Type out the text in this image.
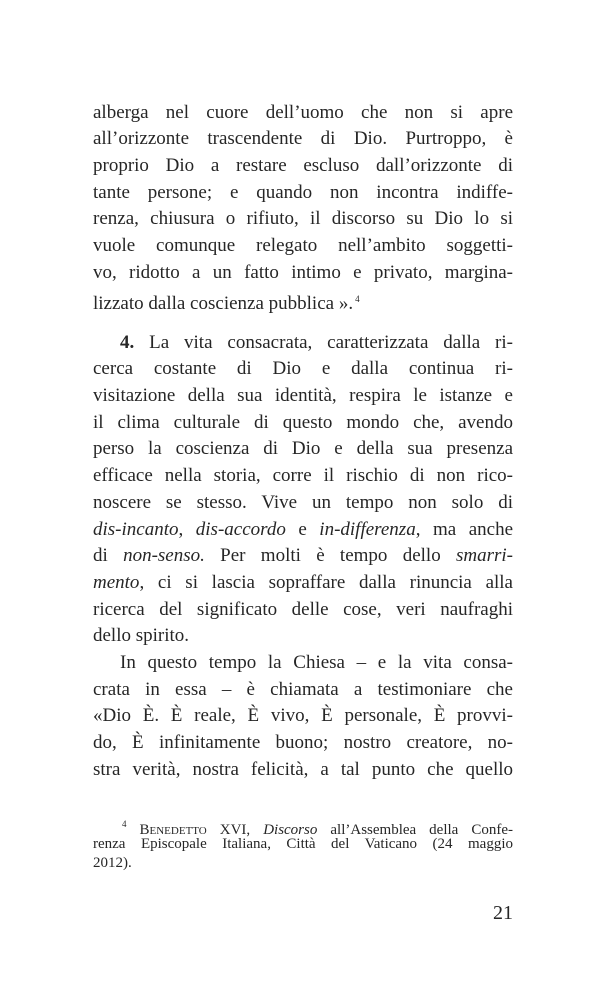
alberga nel cuore dell’uomo che non si apre
all’orizzonte trascendente di Dio. Purtroppo, è
proprio Dio a restare escluso dall’orizzonte di
tante persone; e quando non incontra indiffe-
renza, chiusura o rifiuto, il discorso su Dio lo si
vuole comunque relegato nell’ambito soggetti-
vo, ridotto a un fatto intimo e privato, margina-
lizzato dalla coscienza pubblica ». $^4$
4. La vita consacrata, caratterizzata dalla ri-
cerca costante di Dio e dalla continua ri-
visitazione della sua identità, respira le istanze e
il clima culturale di questo mondo che, avendo
perso la coscienza di Dio e della sua presenza
efficace nella storia, corre il rischio di non rico-
noscere se stesso. Vive un tempo non solo di
dis-incanto, dis-accordo e in-differenza, ma anche
di non-senso. Per molti è tempo dello smarri-
mento, ci si lascia sopraffare dalla rinuncia alla
ricerca del significato delle cose, veri naufraghi
dello spirito.
In questo tempo la Chiesa – e la vita consa-
crata in essa – è chiamata a testimoniare che
«Dio È. È reale, È vivo, È personale, È provvi-
do, È infinitamente buono; nostro creatore, no-
stra verità, nostra felicità, a tal punto che quello
$^4$ Benedetto XVI, Discorso all’Assemblea della Confe-
renza Episcopale Italiana, Città del Vaticano (24 maggio
2012).
21
